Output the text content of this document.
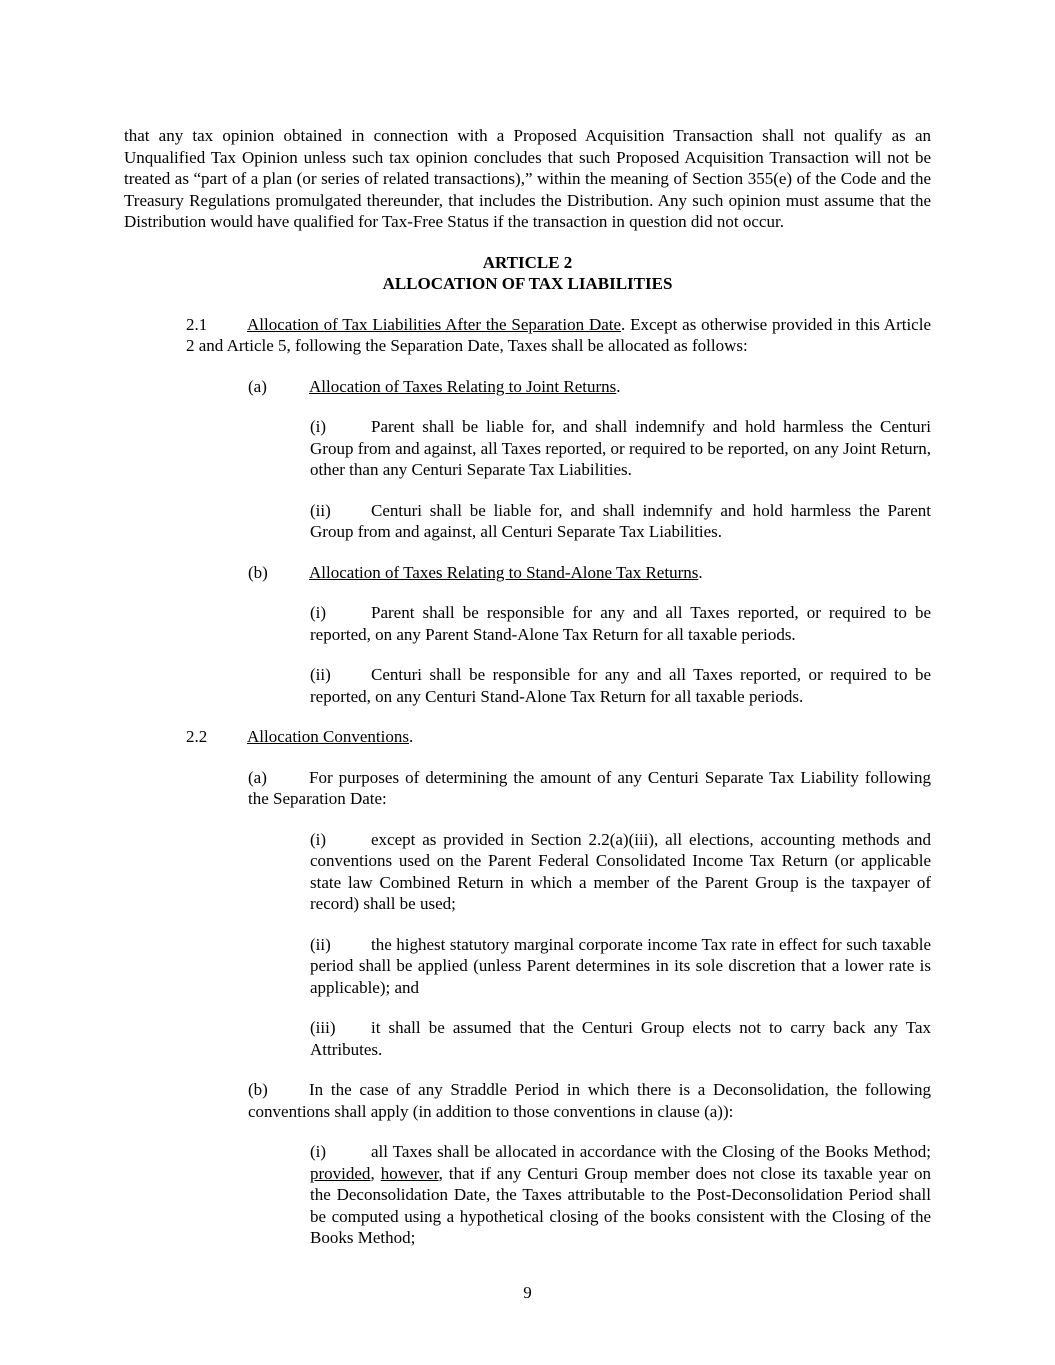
that any tax opinion obtained in connection with a Proposed Acquisition Transaction shall not qualify as an Unqualified Tax Opinion unless such tax opinion concludes that such Proposed Acquisition Transaction will not be treated as “part of a plan (or series of related transactions),” within the meaning of Section 355(e) of the Code and the Treasury Regulations promulgated thereunder, that includes the Distribution. Any such opinion must assume that the Distribution would have qualified for Tax-Free Status if the transaction in question did not occur.

ARTICLE 2

ALLOCATION OF TAX LIABILITIES

2.1 Allocation of Tax Liabilities After the Separation Date. Except as otherwise provided in this Article 2 and Article 5, following the Separation Date, Taxes shall be allocated as follows:

(a) Allocation of Taxes Relating to Joint Returns.

(i)	Parent shall be liable for, and shall indemnify and hold harmless the Centuri Group from and against, all Taxes reported, or required to be reported, on any Joint Return, other than any Centuri Separate Tax Liabilities.

(ii) Centuri shall be liable for, and shall indemnify and hold harmless the Parent Group from and against, all Centuri Separate Tax Liabilities.

(b) Allocation of Taxes Relating to Stand-Alone Tax Returns.

(i)	Parent shall be responsible for any and all Taxes reported, or required to be reported, on any Parent Stand-Alone Tax Return for all taxable periods.

(ii) Centuri shall be responsible for any and all Taxes reported, or required to be reported, on any Centuri Stand-Alone Tax Return for all taxable periods.

2.2 Allocation Conventions.

(a) For purposes of determining the amount of any Centuri Separate Tax Liability following the Separation Date:

(i)	except as provided in Section 2.2(a)(iii), all elections, accounting methods and conventions used on the Parent Federal Consolidated Income Tax Return (or applicable state law Combined Return in which a member of the Parent Group is the taxpayer of record) shall be used;

(ii) the highest statutory marginal corporate income Tax rate in effect for such taxable period shall be applied (unless Parent determines in its sole discretion that a lower rate is applicable); and

(iii) it shall be assumed that the Centuri Group elects not to carry back any Tax Attributes.

(b) In the case of any Straddle Period in which there is a Deconsolidation, the following conventions shall apply (in addition to those conventions in clause (a)):

(i)	all Taxes shall be allocated in accordance with the Closing of the Books Method; provided, however, that if any Centuri Group member does not close its taxable year on the Deconsolidation Date, the Taxes attributable to the Post-Deconsolidation Period shall be computed using a hypothetical closing of the books consistent with the Closing of the Books Method;

9
